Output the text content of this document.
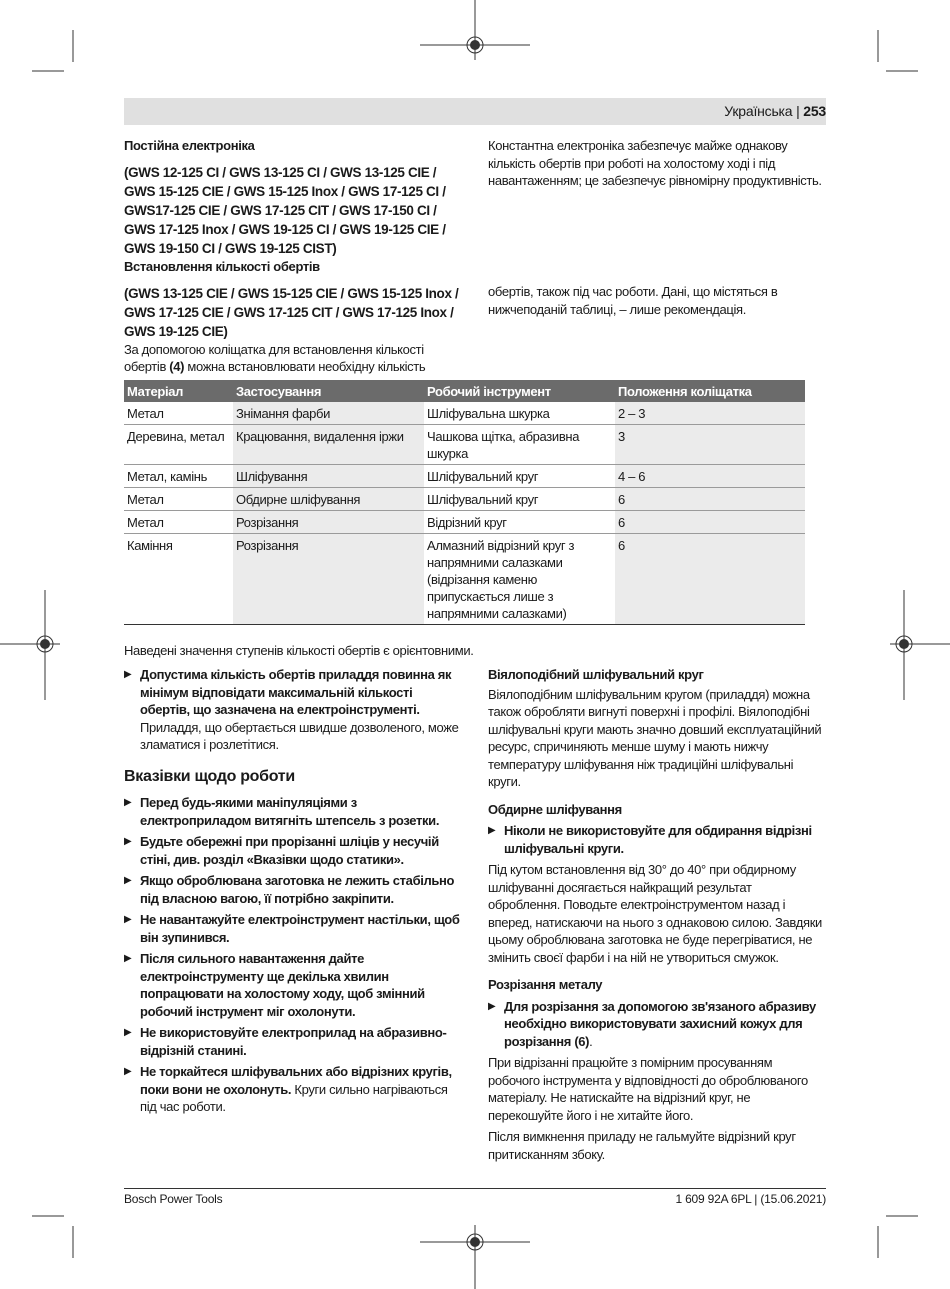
Українська | 253

Постійна електроніка

(GWS 12-125 CI / GWS 13-125 CI / GWS 13-125 CIE / GWS 15-125 CIE / GWS 15-125 Inox / GWS 17-125 CI / GWS17-125 CIE / GWS 17-125 CIT / GWS 17-150 CI / GWS 17-125 Inox / GWS 19-125 CI / GWS 19-125 CIE / GWS 19-150 CI / GWS 19-125 CIST)

Константна електроніка забезпечує майже однакову кількість обертів при роботі на холостому ході і під навантаженням; це забезпечує рівномірну продуктивність.

Встановлення кількості обертів

(GWS 13-125 CIE / GWS 15-125 CIE / GWS 15-125 Inox / GWS 17-125 CIE / GWS 17-125 CIT / GWS 17-125 Inox / GWS 19-125 CIE)

За допомогою коліщатка для встановлення кількості обертів (4) можна встановлювати необхідну кількість

обертів, також під час роботи. Дані, що містяться в нижчеподаній таблиці, – лише рекомендація.

Матеріал	Застосування	Робочий інструмент	Положення коліщатка
Метал	Знімання фарби	Шліфувальна шкурка	2 – 3
Деревина, метал	Крацювання, видалення іржи	Чашкова щітка, абразивна шкурка	3
Метал, камінь	Шліфування	Шліфувальний круг	4 – 6
Метал	Обдирне шліфування	Шліфувальний круг	6
Метал	Розрізання	Відрізний круг	6
Каміння	Розрізання	Алмазний відрізний круг з напрямними салазками (відрізання каменю припускається лише з напрямними салазками)	6

Наведені значення ступенів кількості обертів є орієнтовними.

▶ Допустима кількість обертів приладдя повинна як мінімум відповідати максимальній кількості обертів, що зазначена на електроінструменті. Приладдя, що обертається швидше дозволеного, може зламатися і розлетітися.

Вказівки щодо роботи

▶ Перед будь-якими маніпуляціями з електроприладом витягніть штепсель з розетки.
▶ Будьте обережні при прорізанні шліців у несучій стіні, див. розділ «Вказівки щодо статики».
▶ Якщо оброблювана заготовка не лежить стабільно під власною вагою, її потрібно закріпити.
▶ Не навантажуйте електроінструмент настільки, щоб він зупинився.
▶ Після сильного навантаження дайте електроінструменту ще декілька хвилин попрацювати на холостому ходу, щоб змінний робочий інструмент міг охолонути.
▶ Не використовуйте електроприлад на абразивно-відрізній станині.
▶ Не торкайтеся шліфувальних або відрізних кругів, поки вони не охолонуть. Круги сильно нагріваються під час роботи.

Віялоподібний шліфувальний круг

Віялоподібним шліфувальним кругом (приладдя) можна також обробляти вигнуті поверхні і профілі. Віялоподібні шліфувальні круги мають значно довший експлуатаційний ресурс, спричиняють менше шуму і мають нижчу температуру шліфування ніж традиційні шліфувальні круги.

Обдирне шліфування

▶ Ніколи не використовуйте для обдирання відрізні шліфувальні круги.

Під кутом встановлення від 30° до 40° при обдирному шліфуванні досягається найкращий результат оброблення. Поводьте електроінструментом назад і вперед, натискаючи на нього з однаковою силою. Завдяки цьому оброблювана заготовка не буде перегріватися, не змінить своєї фарби і на ній не утвориться смужок.

Розрізання металу

▶ Для розрізання за допомогою зв'язаного абразиву необхідно використовувати захисний кожух для розрізання (6).

При відрізанні працюйте з помірним просуванням робочого інструмента у відповідності до оброблюваного матеріалу. Не натискайте на відрізний круг, не перекошуйте його і не хитайте його.

Після вимкнення приладу не гальмуйте відрізний круг притисканням збоку.

Bosch Power Tools	1 609 92A 6PL | (15.06.2021)
